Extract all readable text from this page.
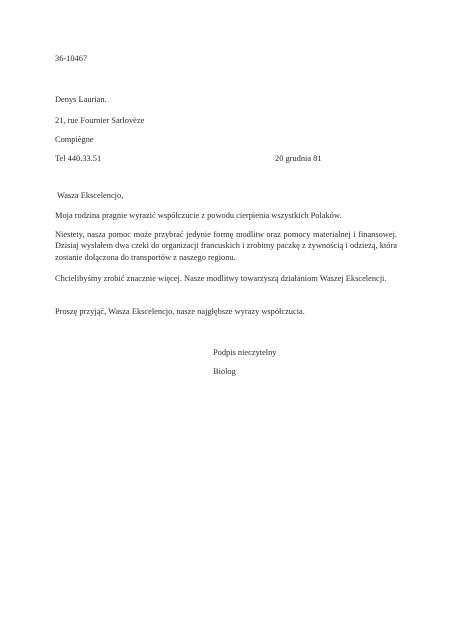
36-10467
Denys Laurian.
21, rue Fournier Sarlovèze
Compiègne
Tel 440.33.51	20 grudnia 81
Wasza Ekscelencjo,
Moja rodzina pragnie wyrazić współczucie z powodu cierpienia wszystkich Polaków.
Niestety, nasza pomoc może przybrać jedynie formę modlitw oraz pomocy materialnej i finansowej. Dzisiaj wysłałem dwa czeki do organizacji francuskich i zrobimy paczkę z żywnością i odzieżą, która zostanie dołączona do transportów z naszego regionu.
Chcielibyśmy zrobić znacznie więcej. Nasze modlitwy towarzyszą działaniom Waszej Ekscelencji.
Proszę przyjąć, Wasza Ekscelencjo, nasze najgłębsze wyrazy współczucia.
Podpis nieczytelny
Biolog
